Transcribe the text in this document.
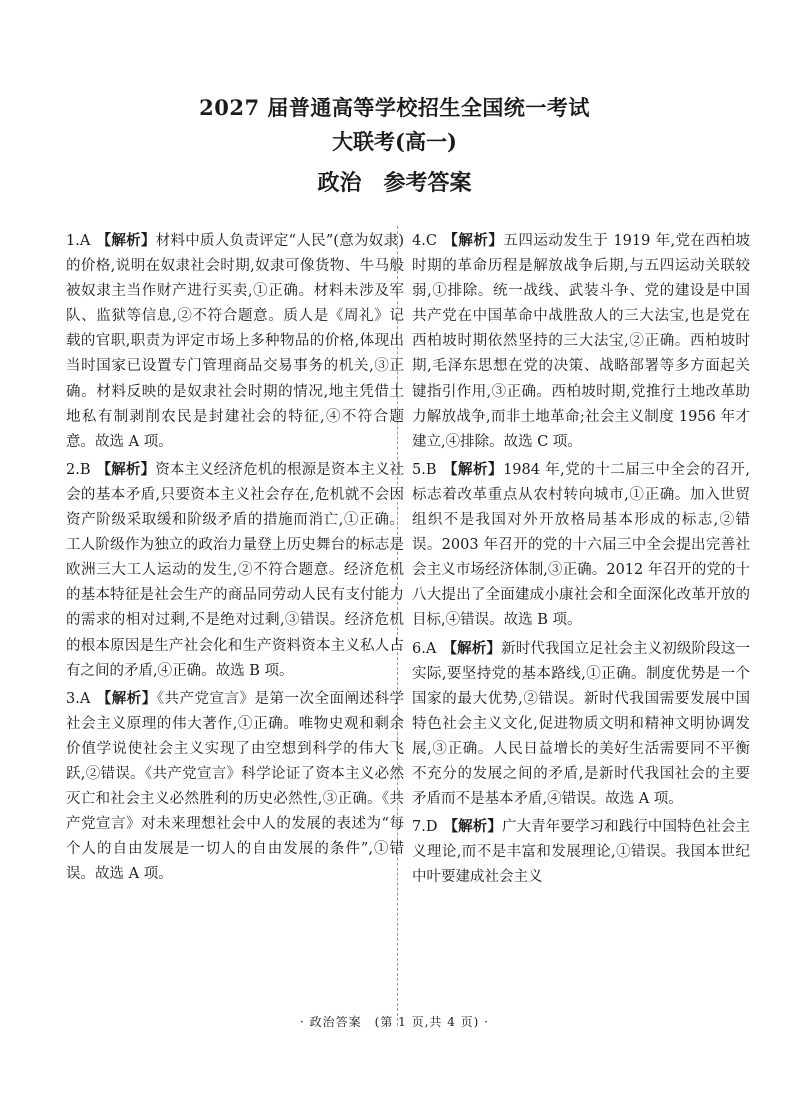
2027 届普通高等学校招生全国统一考试
大联考(高一)
政治　参考答案

1.A 【解析】材料中质人负责评定“人民”(意为奴隶)的价格,说明在奴隶社会时期,奴隶可像货物、牛马般被奴隶主当作财产进行买卖,①正确。材料未涉及军队、监狱等信息,②不符合题意。质人是《周礼》记载的官职,职责为评定市场上多种物品的价格,体现出当时国家已设置专门管理商品交易事务的机关,③正确。材料反映的是奴隶社会时期的情况,地主凭借土地私有制剥削农民是封建社会的特征,④不符合题意。故选 A 项。

2.B 【解析】资本主义经济危机的根源是资本主义社会的基本矛盾,只要资本主义社会存在,危机就不会因资产阶级采取缓和阶级矛盾的措施而消亡,①正确。工人阶级作为独立的政治力量登上历史舞台的标志是欧洲三大工人运动的发生,②不符合题意。经济危机的基本特征是社会生产的商品同劳动人民有支付能力的需求的相对过剩,不是绝对过剩,③错误。经济危机的根本原因是生产社会化和生产资料资本主义私人占有之间的矛盾,④正确。故选 B 项。

3.A 【解析】《共产党宣言》是第一次全面阐述科学社会主义原理的伟大著作,①正确。唯物史观和剩余价值学说使社会主义实现了由空想到科学的伟大飞跃,②错误。《共产党宣言》科学论证了资本主义必然灭亡和社会主义必然胜利的历史必然性,③正确。《共产党宣言》对未来理想社会中人的发展的表述为“每个人的自由发展是一切人的自由发展的条件”,①错误。故选 A 项。

4.C 【解析】五四运动发生于 1919 年,党在西柏坡时期的革命历程是解放战争后期,与五四运动关联较弱,①排除。统一战线、武装斗争、党的建设是中国共产党在中国革命中战胜敌人的三大法宝,也是党在西柏坡时期依然坚持的三大法宝,②正确。西柏坡时期,毛泽东思想在党的决策、战略部署等多方面起关键指引作用,③正确。西柏坡时期,党推行土地改革助力解放战争,而非土地革命;社会主义制度 1956 年才建立,④排除。故选 C 项。

5.B 【解析】1984 年,党的十二届三中全会的召开,标志着改革重点从农村转向城市,①正确。加入世贸组织不是我国对外开放格局基本形成的标志,②错误。2003 年召开的党的十六届三中全会提出完善社会主义市场经济体制,③正确。2012 年召开的党的十八大提出了全面建成小康社会和全面深化改革开放的目标,④错误。故选 B 项。

6.A 【解析】新时代我国立足社会主义初级阶段这一实际,要坚持党的基本路线,①正确。制度优势是一个国家的最大优势,②错误。新时代我国需要发展中国特色社会主义文化,促进物质文明和精神文明协调发展,③正确。人民日益增长的美好生活需要同不平衡不充分的发展之间的矛盾,是新时代我国社会的主要矛盾而不是基本矛盾,④错误。故选 A 项。

7.D 【解析】广大青年要学习和践行中国特色社会主义理论,而不是丰富和发展理论,①错误。我国本世纪中叶要建成社会主义

· 政治答案　(第 1 页,共 4 页) ·
